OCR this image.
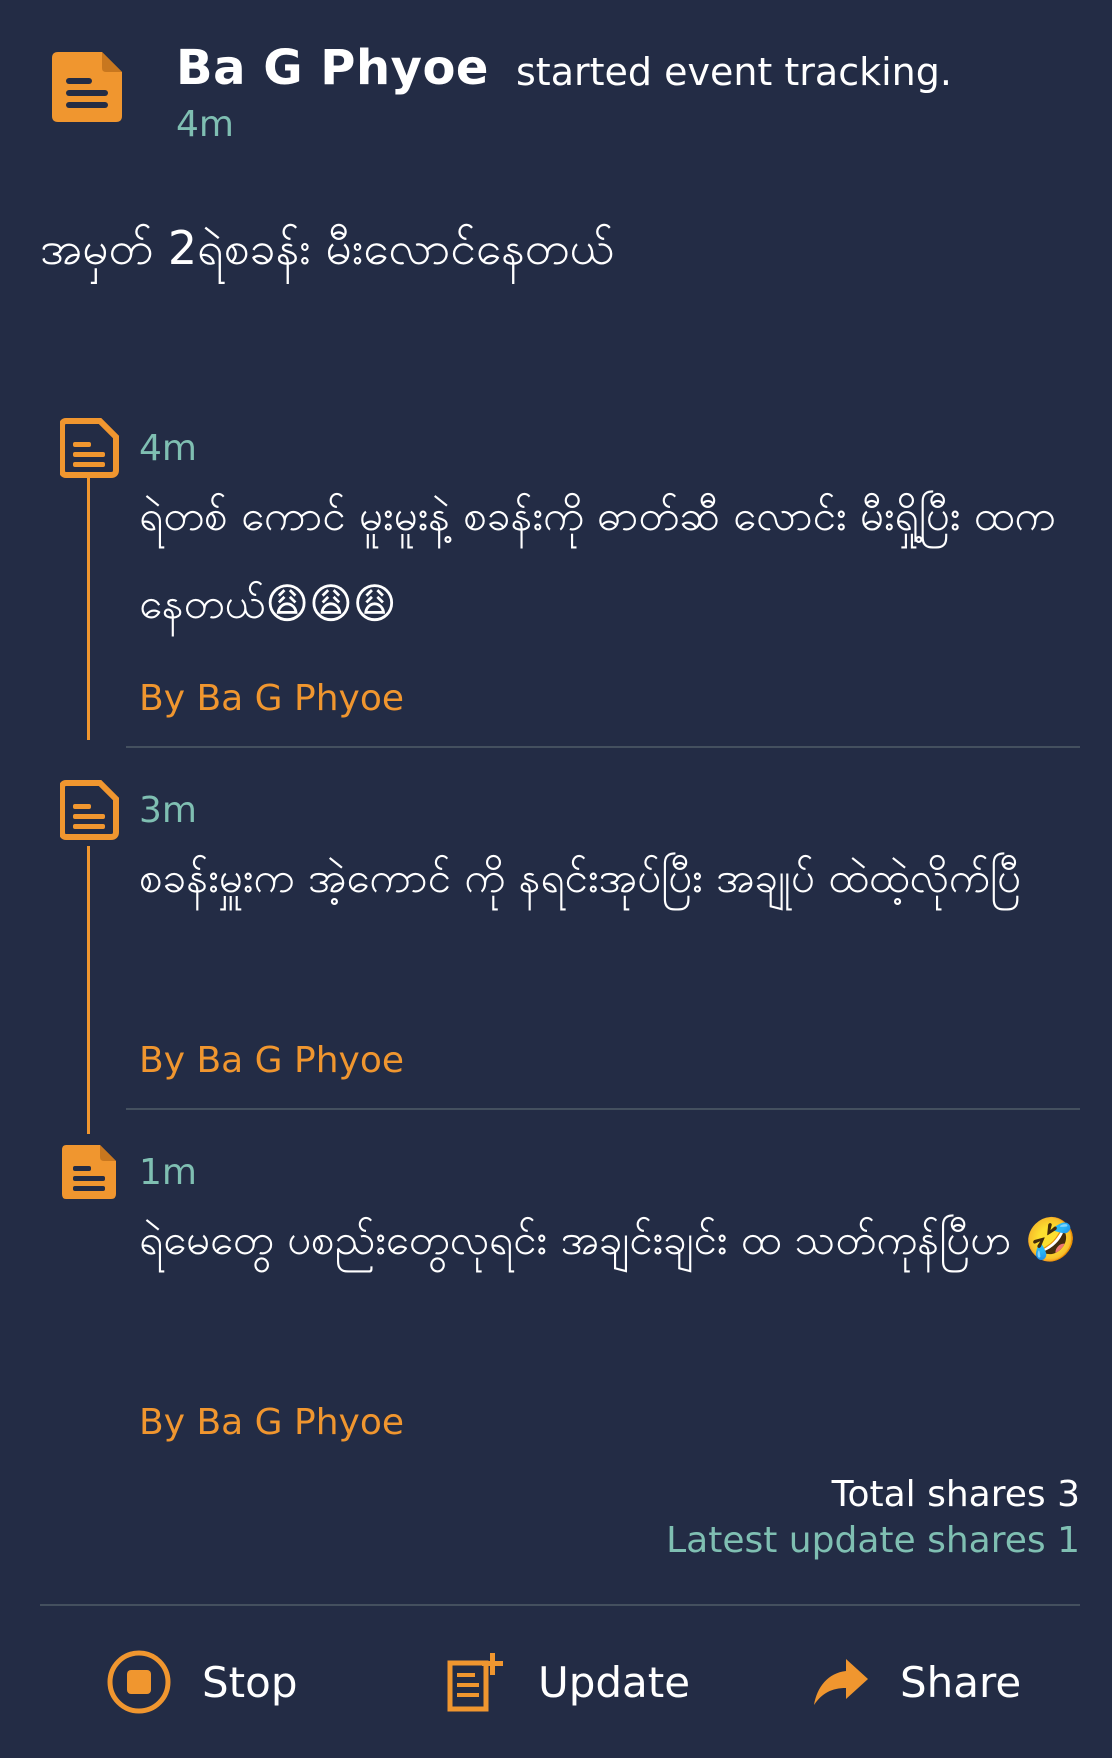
Ba G Phyoe started event tracking.
4m
အမှတ် 2ရဲစခန်း မီးလောင်နေတယ်
4m
ရဲတစ် ကောင် မူးမူးနဲ့ စခန်းကို ဓာတ်ဆီ လောင်း မီးရှို့ပြီး ထကနေတယ်😩😩😩
By Ba G Phyoe
3m
စခန်းမှူးက အဲ့ကောင် ကို နရင်းအုပ်ပြီး အချုပ် ထဲထဲ့လိုက်ပြီ
By Ba G Phyoe
1m
ရဲမေတွေ ပစည်းတွေလုရင်း အချင်းချင်း ထ သတ်ကုန်ပြီဟ 🤣
By Ba G Phyoe
Total shares 3
Latest update shares 1
Stop	Update	Share
